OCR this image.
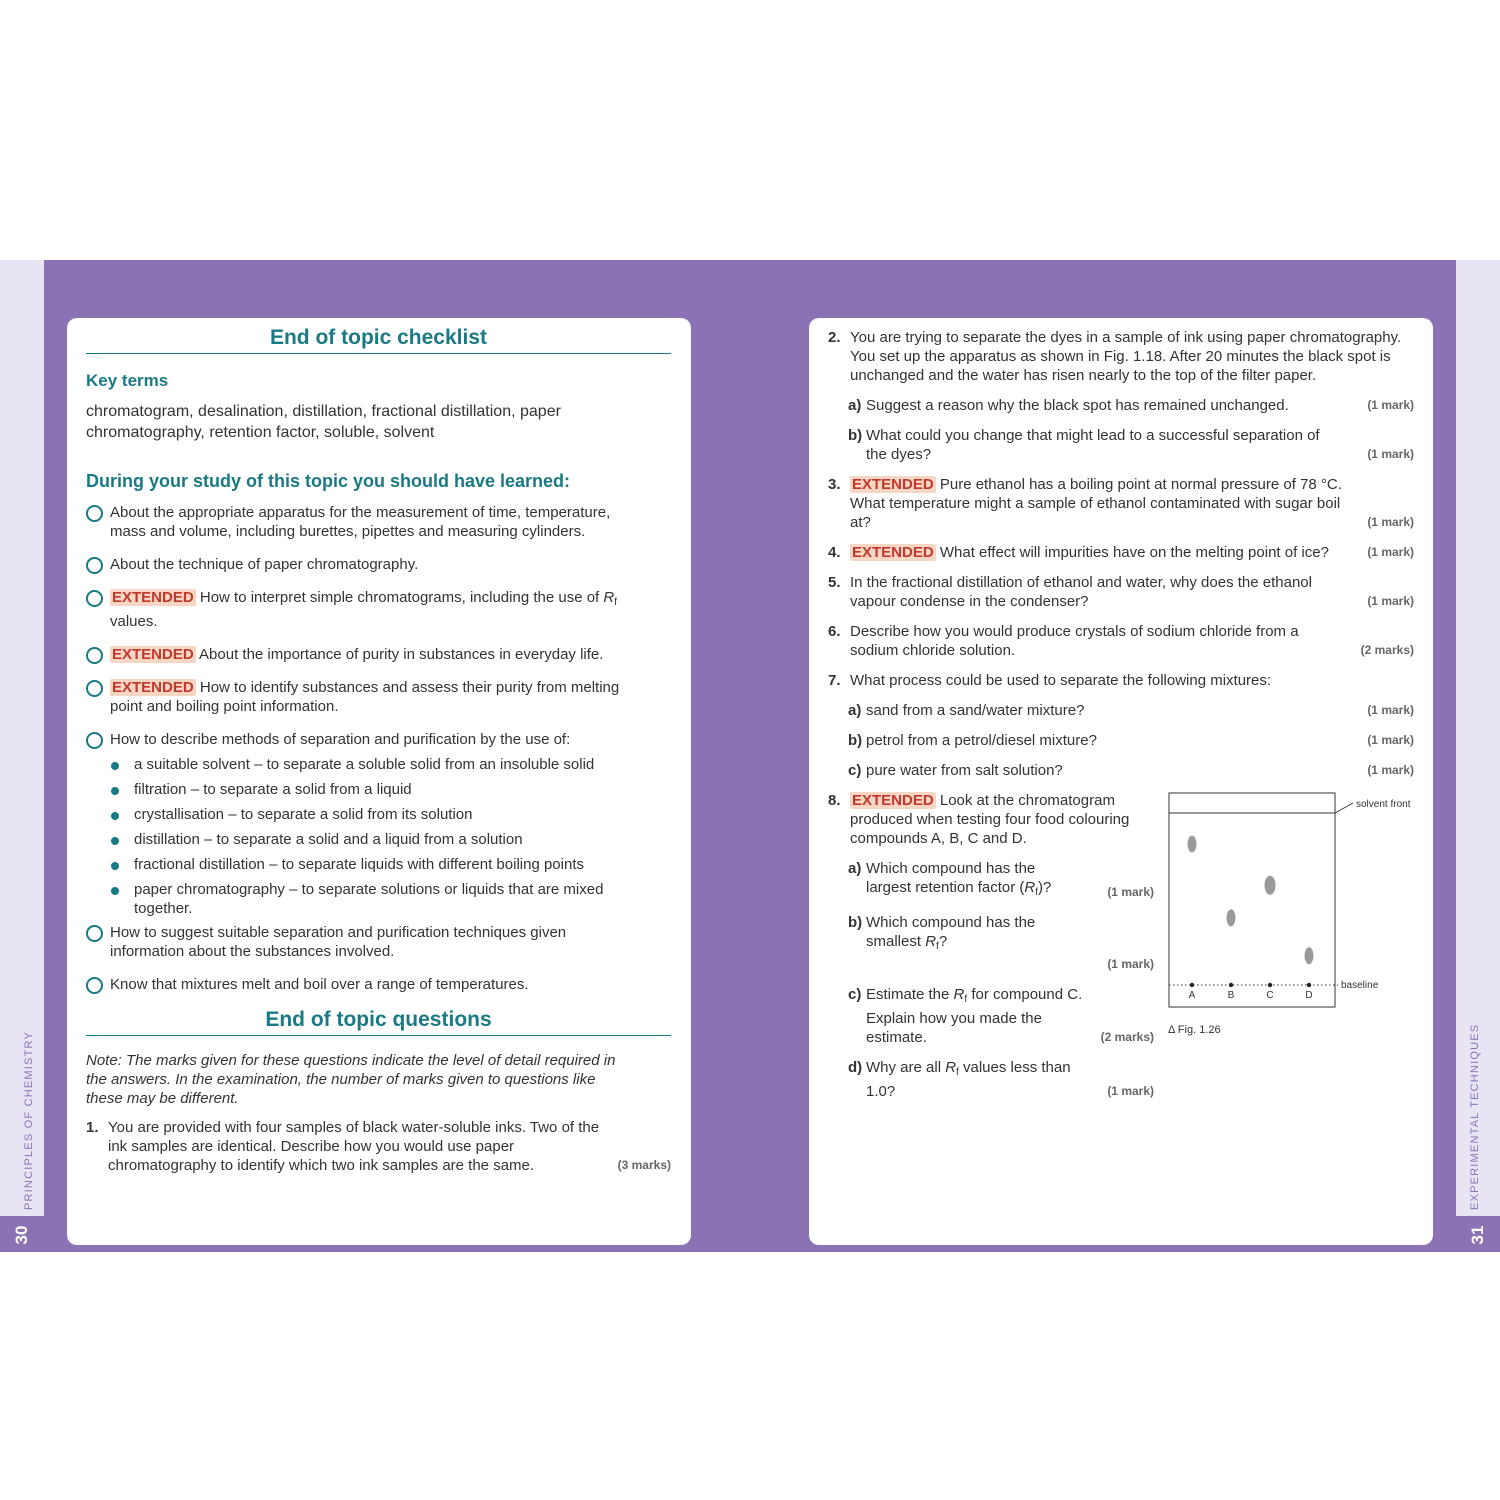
PRINCIPLES OF CHEMISTRY
30
EXPERIMENTAL TECHNIQUES
31
End of topic checklist
Key terms
chromatogram, desalination, distillation, fractional distillation, paper chromatography, retention factor, soluble, solvent
During your study of this topic you should have learned:
About the appropriate apparatus for the measurement of time, temperature, mass and volume, including burettes, pipettes and measuring cylinders.
About the technique of paper chromatography.
EXTENDED How to interpret simple chromatograms, including the use of $R_f$ values.
EXTENDED About the importance of purity in substances in everyday life.
EXTENDED How to identify substances and assess their purity from melting point and boiling point information.
How to describe methods of separation and purification by the use of:
a suitable solvent – to separate a soluble solid from an insoluble solid
filtration – to separate a solid from a liquid
crystallisation – to separate a solid from its solution
distillation – to separate a solid and a liquid from a solution
fractional distillation – to separate liquids with different boiling points
paper chromatography – to separate solutions or liquids that are mixed together.
How to suggest suitable separation and purification techniques given information about the substances involved.
Know that mixtures melt and boil over a range of temperatures.
End of topic questions
Note: The marks given for these questions indicate the level of detail required in the answers. In the examination, the number of marks given to questions like these may be different.
1. You are provided with four samples of black water-soluble inks. Two of the ink samples are identical. Describe how you would use paper chromatography to identify which two ink samples are the same.	(3 marks)
2. You are trying to separate the dyes in a sample of ink using paper chromatography. You set up the apparatus as shown in Fig. 1.18. After 20 minutes the black spot is unchanged and the water has risen nearly to the top of the filter paper.
a) Suggest a reason why the black spot has remained unchanged.	(1 mark)
b) What could you change that might lead to a successful separation of the dyes?	(1 mark)
3. EXTENDED Pure ethanol has a boiling point at normal pressure of 78 °C. What temperature might a sample of ethanol contaminated with sugar boil at?	(1 mark)
4. EXTENDED What effect will impurities have on the melting point of ice?	(1 mark)
5. In the fractional distillation of ethanol and water, why does the ethanol vapour condense in the condenser?	(1 mark)
6. Describe how you would produce crystals of sodium chloride from a sodium chloride solution.	(2 marks)
7. What process could be used to separate the following mixtures:
a) sand from a sand/water mixture?	(1 mark)
b) petrol from a petrol/diesel mixture?	(1 mark)
c) pure water from salt solution?	(1 mark)
8. EXTENDED Look at the chromatogram produced when testing four food colouring compounds A, B, C and D.
a) Which compound has the largest retention factor $(R_f)$?	(1 mark)
b) Which compound has the smallest $R_f$?
(1 mark)
c) Estimate the $R_f$ for compound C. Explain how you made the estimate.	(2 marks)
d) Why are all $R_f$ values less than 1.0?	(1 mark)
solvent front
baseline
Δ Fig. 1.26
A	B	C	D
